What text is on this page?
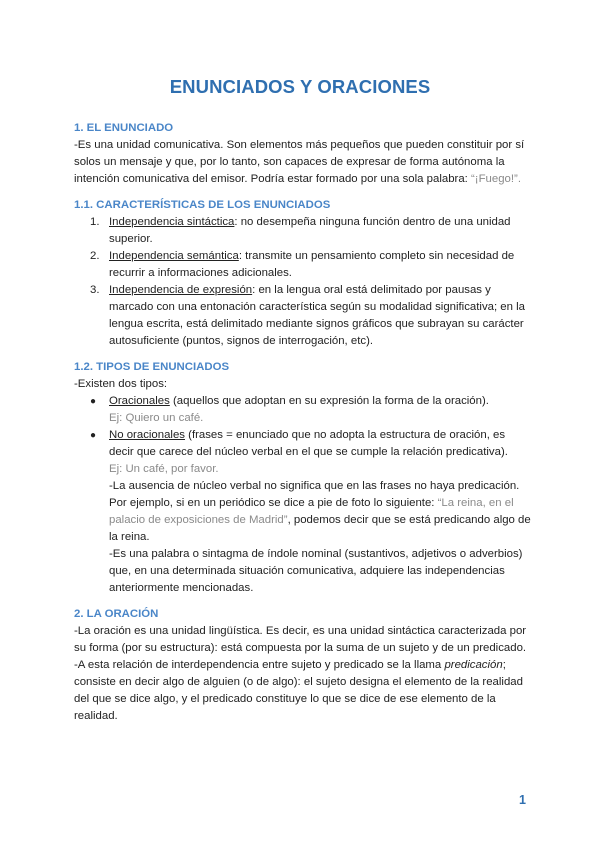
ENUNCIADOS Y ORACIONES

1. EL ENUNCIADO

-Es una unidad comunicativa. Son elementos más pequeños que pueden constituir por sí solos un mensaje y que, por lo tanto, son capaces de expresar de forma autónoma la intención comunicativa del emisor. Podría estar formado por una sola palabra: “¡Fuego!”.

1.1. CARACTERÍSTICAS DE LOS ENUNCIADOS

1. Independencia sintáctica: no desempeña ninguna función dentro de una unidad superior.

2. Independencia semántica: transmite un pensamiento completo sin necesidad de recurrir a informaciones adicionales.

3. Independencia de expresión: en la lengua oral está delimitado por pausas y marcado con una entonación característica según su modalidad significativa; en la lengua escrita, está delimitado mediante signos gráficos que subrayan su carácter autosuficiente (puntos, signos de interrogación, etc).

1.2. TIPOS DE ENUNCIADOS

-Existen dos tipos:

● Oracionales (aquellos que adoptan en su expresión la forma de la oración).

Ej: Quiero un café.

● No oracionales (frases = enunciado que no adopta la estructura de oración, es decir que carece del núcleo verbal en el que se cumple la relación predicativa).

Ej: Un café, por favor.

-La ausencia de núcleo verbal no significa que en las frases no haya predicación. Por ejemplo, si en un periódico se dice a pie de foto lo siguiente: “La reina, en el palacio de exposiciones de Madrid”, podemos decir que se está predicando algo de la reina.

-Es una palabra o sintagma de índole nominal (sustantivos, adjetivos o adverbios) que, en una determinada situación comunicativa, adquiere las independencias anteriormente mencionadas.

2. LA ORACIÓN

-La oración es una unidad lingüística. Es decir, es una unidad sintáctica caracterizada por su forma (por su estructura): está compuesta por la suma de un sujeto y de un predicado.

-A esta relación de interdependencia entre sujeto y predicado se la llama predicación; consiste en decir algo de alguien (o de algo): el sujeto designa el elemento de la realidad del que se dice algo, y el predicado constituye lo que se dice de ese elemento de la realidad.

1
